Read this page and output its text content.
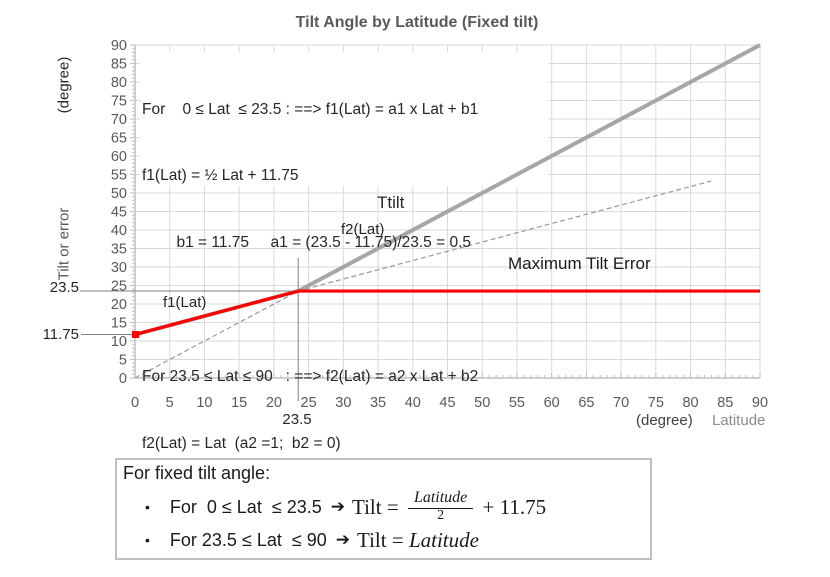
Tilt Angle by Latitude (Fixed tilt)
(degree)
Tilt or error
0 5 10 15 20 25 30 35 40 45 50 55 60 65 70 75 80 85 90
0
5
10
15
20
25
30
35
40
45
50
55
60
65
70
75
80
85
90

For    0 ≤ Lat  ≤ 23.5 : ==> f1(Lat) = a1 x Lat + b1

f1(Lat) = ½ Lat + 11.75

b1 = 11.75     a1 = (23.5 - 11.75)/23.5 = 0.5

For 23.5 ≤ Lat ≤ 90   : ==> f2(Lat) = a2 x Lat + b2

f2(Lat) = Lat  (a2 =1;  b2 = 0)

Ttilt
f2(Lat)
Maximum Tilt Error
f1(Lat)
23.5
11.75
23.5	(degree) Latitude
For fixed tilt angle:
• For  0 ≤ Lat  ≤ 23.5 ➔ Tilt = $\frac{\text{Latitude}}{2} + 11.75$
• For 23.5 ≤ Lat  ≤ 90 ➔ Tilt = Latitude
